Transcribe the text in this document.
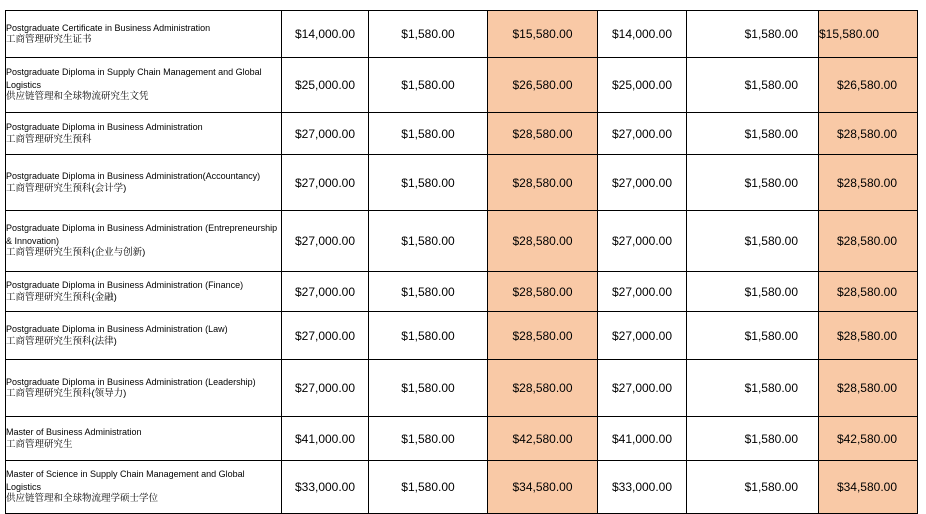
Postgraduate Certificate in Business Administration
工商管理研究生证书	$14,000.00	$1,580.00	$15,580.00	$14,000.00	$1,580.00	$15,580.00

Postgraduate Diploma in Supply Chain Management and Global Logistics
供应链管理和全球物流研究生文凭	$25,000.00	$1,580.00	$26,580.00	$25,000.00	$1,580.00	$26,580.00

Postgraduate Diploma in Business Administration
工商管理研究生预科	$27,000.00	$1,580.00	$28,580.00	$27,000.00	$1,580.00	$28,580.00

Postgraduate Diploma in Business Administration(Accountancy)
工商管理研究生预科(会计学)	$27,000.00	$1,580.00	$28,580.00	$27,000.00	$1,580.00	$28,580.00

Postgraduate Diploma in Business Administration (Entrepreneurship & Innovation)
工商管理研究生预科(企业与创新)	$27,000.00	$1,580.00	$28,580.00	$27,000.00	$1,580.00	$28,580.00

Postgraduate Diploma in Business Administration (Finance)
工商管理研究生预科(金融)	$27,000.00	$1,580.00	$28,580.00	$27,000.00	$1,580.00	$28,580.00

Postgraduate Diploma in Business Administration (Law)
工商管理研究生预科(法律)	$27,000.00	$1,580.00	$28,580.00	$27,000.00	$1,580.00	$28,580.00

Postgraduate Diploma in Business Administration (Leadership)
工商管理研究生预科(领导力)	$27,000.00	$1,580.00	$28,580.00	$27,000.00	$1,580.00	$28,580.00

Master of Business Administration
工商管理研究生	$41,000.00	$1,580.00	$42,580.00	$41,000.00	$1,580.00	$42,580.00

Master of Science in Supply Chain Management and Global Logistics
供应链管理和全球物流理学硕士学位	$33,000.00	$1,580.00	$34,580.00	$33,000.00	$1,580.00	$34,580.00
